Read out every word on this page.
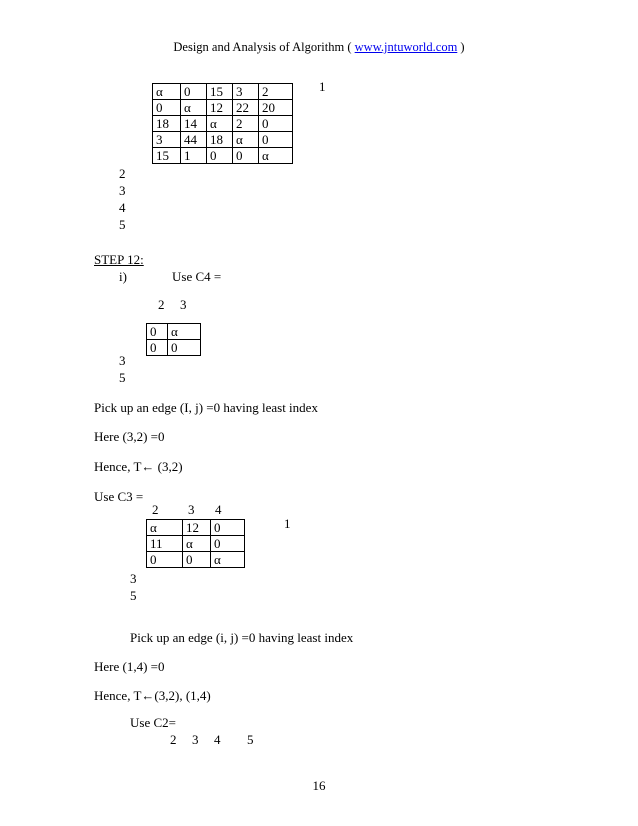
Design and Analysis of Algorithm ( www.jntuworld.com )
α	0	15	3	2
0	α	12	22	20
18	14	α	2	0
3	44	18	α	0
15	1	0	0	α
1
2
3
4
5
STEP 12:
i)	Use C4 =
2 3
0	α
0	0
3
5
Pick up an edge (I, j) =0 having least index
Here (3,2) =0
Hence, T← (3,2)
Use C3 =
2 3 4
α	12	0
11	α	0
0	0	α
1
3
5
Pick up an edge (i, j) =0 having least index
Here (1,4) =0
Hence, T←(3,2), (1,4)
Use C2=
2 3 4 5
16
